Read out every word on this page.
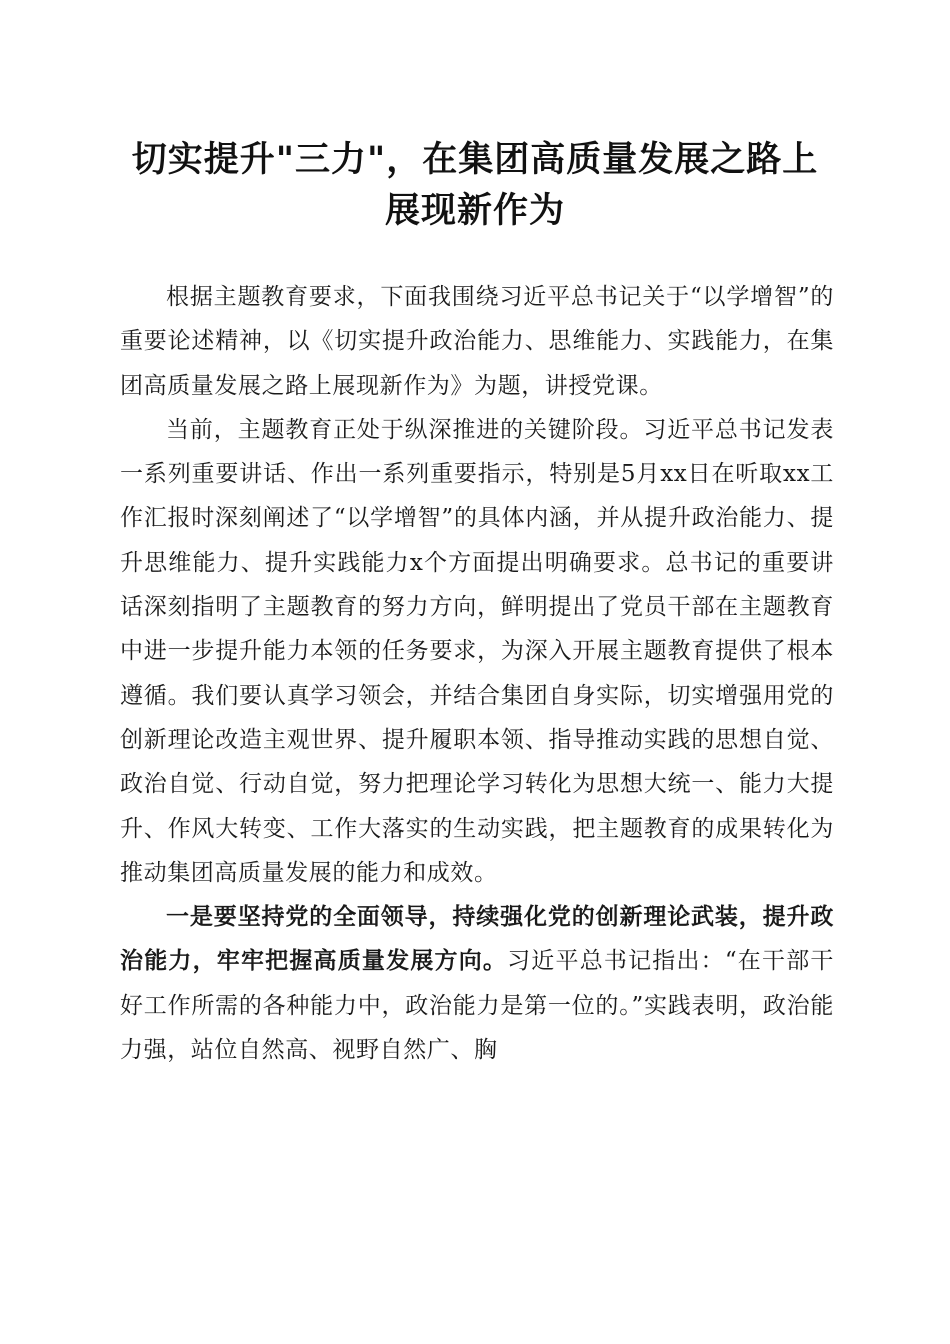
切实提升"三力"，在集团高质量发展之路上
展现新作为

根据主题教育要求，下面我围绕习近平总书记关于“以学增智”的重要论述精神，以《切实提升政治能力、思维能力、实践能力，在集团高质量发展之路上展现新作为》为题，讲授党课。

当前，主题教育正处于纵深推进的关键阶段。习近平总书记发表一系列重要讲话、作出一系列重要指示，特别是5月xx日在听取xx工作汇报时深刻阐述了“以学增智”的具体内涵，并从提升政治能力、提升思维能力、提升实践能力x个方面提出明确要求。总书记的重要讲话深刻指明了主题教育的努力方向，鲜明提出了党员干部在主题教育中进一步提升能力本领的任务要求，为深入开展主题教育提供了根本遵循。我们要认真学习领会，并结合集团自身实际，切实增强用党的创新理论改造主观世界、提升履职本领、指导推动实践的思想自觉、政治自觉、行动自觉，努力把理论学习转化为思想大统一、能力大提升、作风大转变、工作大落实的生动实践，把主题教育的成果转化为推动集团高质量发展的能力和成效。

一是要坚持党的全面领导，持续强化党的创新理论武装，提升政治能力，牢牢把握高质量发展方向。习近平总书记指出：“在干部干好工作所需的各种能力中，政治能力是第一位的。”实践表明，政治能力强，站位自然高、视野自然广、胸
